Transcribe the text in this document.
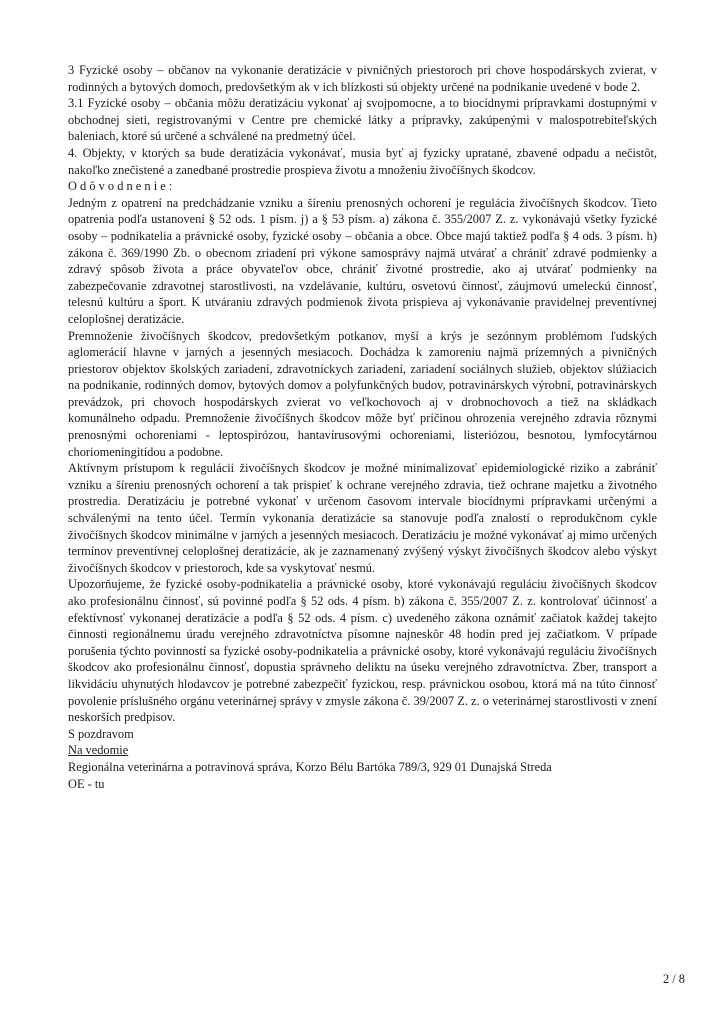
3 Fyzické osoby – občanov na vykonanie deratizácie v pivničných priestoroch pri chove hospodárskych zvierat, v rodinných a bytových domoch, predovšetkým ak v ich blízkosti sú objekty určené na podnikanie uvedené v bode 2.

3.1 Fyzické osoby – občania môžu deratizáciu vykonať aj svojpomocne, a to biocídnymi prípravkami dostupnými v obchodnej sieti, registrovanými v Centre pre chemické látky a prípravky, zakúpenými v malospotrebiteľských baleniach, ktoré sú určené a schválené na predmetný účel.

4. Objekty, v ktorých sa bude deratizácia vykonávať, musia byť aj fyzicky upratané, zbavené odpadu a nečistôt, nakoľko znečistené a zanedbané prostredie prospieva životu a množeniu živočíšnych škodcov.

O d ô v o d n e n i e :

Jedným z opatrení na predchádzanie vzniku a šíreniu prenosných ochorení je regulácia živočíšnych škodcov. Tieto opatrenia podľa ustanovení § 52 ods. 1 písm. j) a § 53 písm. a) zákona č. 355/2007 Z. z. vykonávajú všetky fyzické osoby – podnikatelia a právnické osoby, fyzické osoby – občania a obce. Obce majú taktiež podľa § 4 ods. 3 písm. h) zákona č. 369/1990 Zb. o obecnom zriadení pri výkone samosprávy najmä utvárať a chrániť zdravé podmienky a zdravý spôsob života a práce obyvateľov obce, chrániť životné prostredie, ako aj utvárať podmienky na zabezpečovanie zdravotnej starostlivosti, na vzdelávanie, kultúru, osvetovú činnosť, záujmovú umeleckú činnosť, telesnú kultúru a šport. K utváraniu zdravých podmienok života prispieva aj vykonávanie pravidelnej preventívnej celoplošnej deratizácie.

Premnoženie živočíšnych škodcov, predovšetkým potkanov, myší a krýs je sezónnym problémom ľudských aglomerácií hlavne v jarných a jesenných mesiacoch. Dochádza k zamoreniu najmä prízemných a pivničných priestorov objektov školských zariadení, zdravotníckych zariadení, zariadení sociálnych služieb, objektov slúžiacich na podnikanie, rodinných domov, bytových domov a polyfunkčných budov, potravinárskych výrobní, potravinárskych prevádzok, pri chovoch hospodárskych zvierat vo veľkochovoch aj v drobnochovoch a tiež na skládkach komunálneho odpadu. Premnoženie živočíšnych škodcov môže byť príčinou ohrozenia verejného zdravia rôznymi prenosnými ochoreniami - leptospirózou, hantavírusovými ochoreniami, listeriózou, besnotou, lymfocytárnou choriomeningitídou a podobne.

Aktívnym prístupom k regulácii živočíšnych škodcov je možné minimalizovať epidemiologické riziko a zabrániť vzniku a šíreniu prenosných ochorení a tak prispieť k ochrane verejného zdravia, tiež ochrane majetku a životného prostredia. Deratizáciu je potrebné vykonať v určenom časovom intervale biocídnymi prípravkami určenými a schválenými na tento účel. Termín vykonania deratizácie sa stanovuje podľa znalostí o reprodukčnom cykle živočíšnych škodcov minimálne v jarných a jesenných mesiacoch. Deratizáciu je možné vykonávať aj mimo určených termínov preventívnej celoplošnej deratizácie, ak je zaznamenaný zvýšený výskyt živočíšnych škodcov alebo výskyt živočíšnych škodcov v priestoroch, kde sa vyskytovať nesmú.

Upozorňujeme, že fyzické osoby-podnikatelia a právnické osoby, ktoré vykonávajú reguláciu živočíšnych škodcov ako profesionálnu činnosť, sú povinné podľa § 52 ods. 4 písm. b) zákona č. 355/2007 Z. z. kontrolovať účinnosť a efektívnosť vykonanej deratizácie a podľa § 52 ods. 4 písm. c) uvedeného zákona oznámiť začiatok každej takejto činnosti regionálnemu úradu verejného zdravotníctva písomne najneskôr 48 hodín pred jej začiatkom. V prípade porušenia týchto povinností sa fyzické osoby-podnikatelia a právnické osoby, ktoré vykonávajú reguláciu živočíšnych škodcov ako profesionálnu činnosť, dopustia správneho deliktu na úseku verejného zdravotníctva. Zber, transport a likvidáciu uhynutých hlodavcov je potrebné zabezpečiť fyzickou, resp. právnickou osobou, ktorá má na túto činnosť povolenie príslušného orgánu veterinárnej správy v zmysle zákona č. 39/2007 Z. z. o veterinárnej starostlivosti v znení neskorších predpisov.

S pozdravom

Na vedomie

Regionálna veterinárna a potravinová správa, Korzo Bélu Bartóka 789/3, 929 01 Dunajská Streda

OE - tu

2 / 8
